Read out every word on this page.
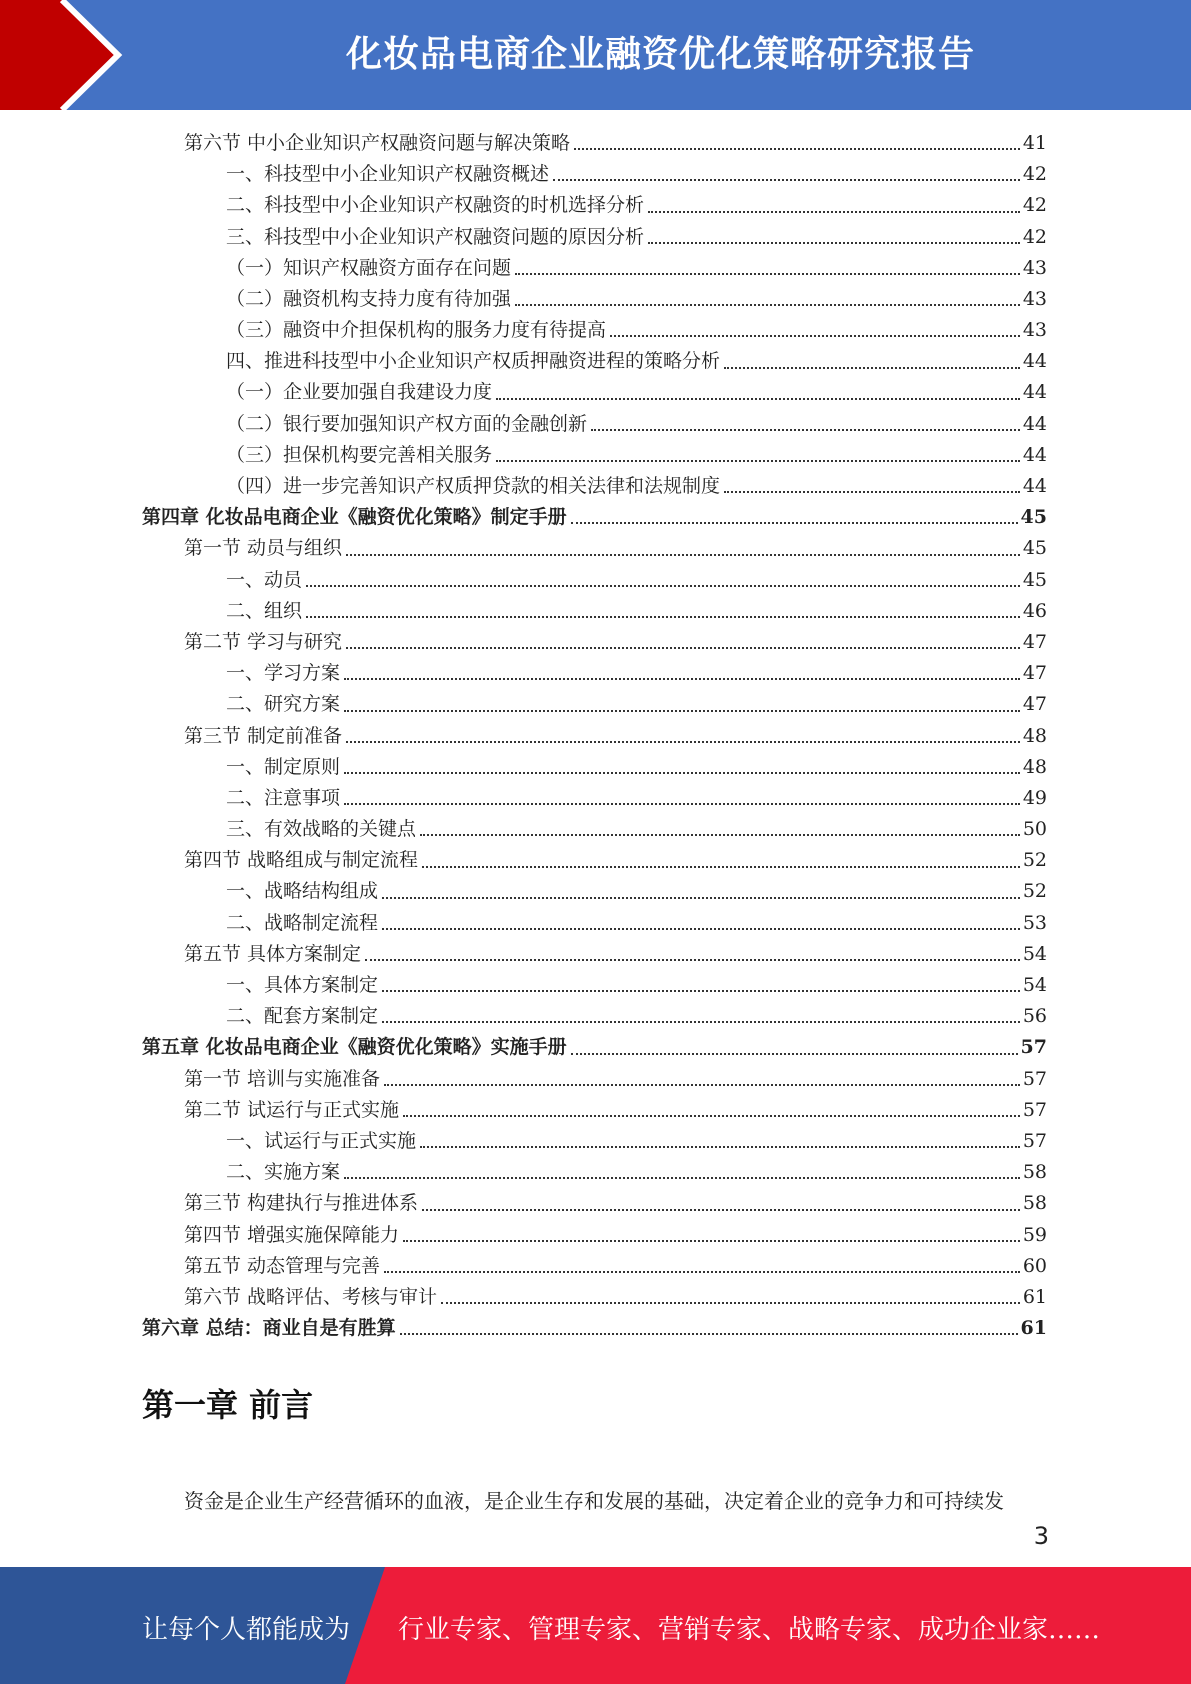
化妆品电商企业融资优化策略研究报告
第六节 中小企业知识产权融资问题与解决策略	41
一、科技型中小企业知识产权融资概述	42
二、科技型中小企业知识产权融资的时机选择分析	42
三、科技型中小企业知识产权融资问题的原因分析	42
（一）知识产权融资方面存在问题	43
（二）融资机构支持力度有待加强	43
（三）融资中介担保机构的服务力度有待提高	43
四、推进科技型中小企业知识产权质押融资进程的策略分析	44
（一）企业要加强自我建设力度	44
（二）银行要加强知识产权方面的金融创新	44
（三）担保机构要完善相关服务	44
（四）进一步完善知识产权质押贷款的相关法律和法规制度	44
第四章 化妆品电商企业《融资优化策略》制定手册	45
第一节 动员与组织	45
一、动员	45
二、组织	46
第二节 学习与研究	47
一、学习方案	47
二、研究方案	47
第三节 制定前准备	48
一、制定原则	48
二、注意事项	49
三、有效战略的关键点	50
第四节 战略组成与制定流程	52
一、战略结构组成	52
二、战略制定流程	53
第五节 具体方案制定	54
一、具体方案制定	54
二、配套方案制定	56
第五章 化妆品电商企业《融资优化策略》实施手册	57
第一节 培训与实施准备	57
第二节 试运行与正式实施	57
一、试运行与正式实施	57
二、实施方案	58
第三节 构建执行与推进体系	58
第四节 增强实施保障能力	59
第五节 动态管理与完善	60
第六节 战略评估、考核与审计	61
第六章 总结：商业自是有胜算	61
第一章 前言
资金是企业生产经营循环的血液，是企业生存和发展的基础，决定着企业的竞争力和可持续发
3
让每个人都能成为 行业专家、管理专家、营销专家、战略专家、成功企业家……
